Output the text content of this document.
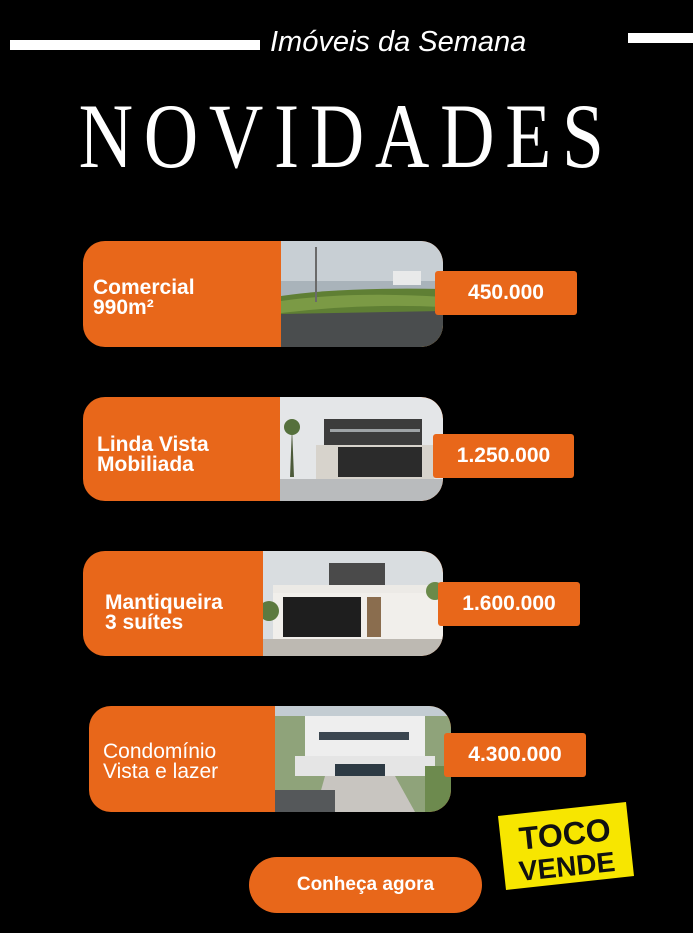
Imóveis da Semana
NOVIDADES
Comercial
990m²
450.000
Linda Vista
Mobiliada	1.250.000
Mantiqueira
3 suítes
1.600.000
Condomínio
Vista e lazer
4.300.000
Conheça agora
TOCO
VENDE
